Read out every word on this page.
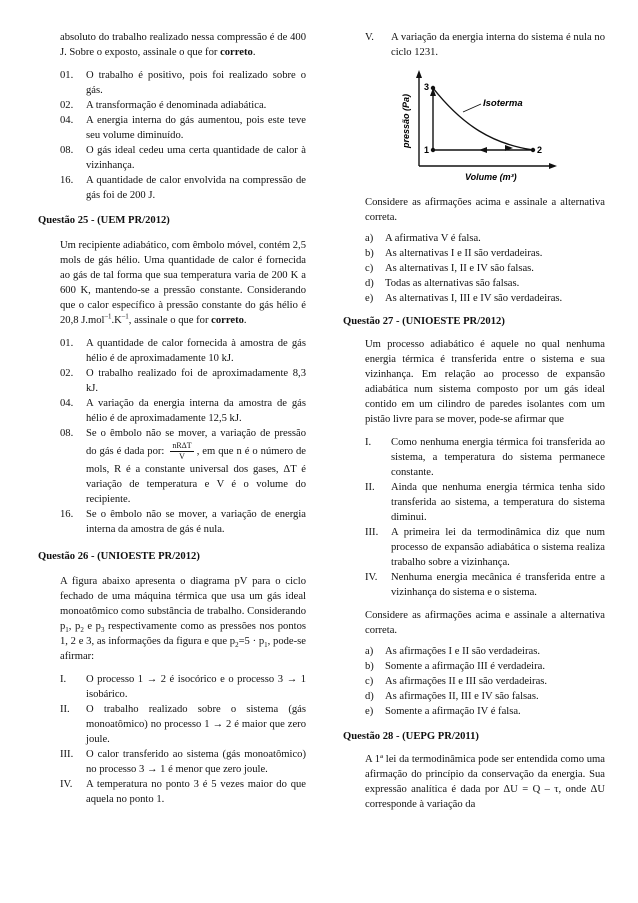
absoluto do trabalho realizado nessa compressão é de 400 J. Sobre o exposto, assinale o que for correto.

01. O trabalho é positivo, pois foi realizado sobre o gás.
02. A transformação é denominada adiabática.
04. A energia interna do gás aumentou, pois este teve seu volume diminuído.
08. O gás ideal cedeu uma certa quantidade de calor à vizinhança.
16. A quantidade de calor envolvida na compressão de gás foi de 200 J.

Questão 25 - (UEM PR/2012)

Um recipiente adiabático, com êmbolo móvel, contém 2,5 mols de gás hélio. Uma quantidade de calor é fornecida ao gás de tal forma que sua temperatura varia de 200 K a 600 K, mantendo-se a pressão constante. Considerando que o calor específico à pressão constante do gás hélio é 20,8 $J.mol^{-1}.K^{-1}$, assinale o que for correto.

01. A quantidade de calor fornecida à amostra de gás hélio é de aproximadamente 10 kJ.
02. O trabalho realizado foi de aproximadamente 8,3 kJ.
04. A variação da energia interna da amostra de gás hélio é de aproximadamente 12,5 kJ.
08. Se o êmbolo não se mover, a variação de pressão do gás é dada por: $\frac{\text{nRΔT}}{V}$ , em que n é o número de mols, R é a constante universal dos gases, ΔT é variação de temperatura e V é o volume do recipiente.
16. Se o êmbolo não se mover, a variação de energia interna da amostra de gás é nula.

Questão 26 - (UNIOESTE PR/2012)

A figura abaixo apresenta o diagrama pV para o ciclo fechado de uma máquina térmica que usa um gás ideal monoatômico como substância de trabalho. Considerando $p_1$, $p_2$ e $p_3$ respectivamente como as pressões nos pontos 1, 2 e 3, as informações da figura e que $p_2=5 \cdot p_1$, pode-se afirmar:

I. O processo 1 → 2 é isocórico e o processo 3 → 1 isobárico.
II. O trabalho realizado sobre o sistema (gás monoatômico) no processo 1 → 2 é maior que zero joule.
III. O calor transferido ao sistema (gás monoatômico) no processo 3 → 1 é menor que zero joule.
IV. A temperatura no ponto 3 é 5 vezes maior do que aquela no ponto 1.
V. A variação da energia interna do sistema é nula no ciclo 1231.
3
1	2
Isoterma
pressão (Pa)
Volume (m³)

Considere as afirmações acima e assinale a alternativa correta.

a) A afirmativa V é falsa.
b) As alternativas I e II são verdadeiras.
c) As alternativas I, II e IV são falsas.
d) Todas as alternativas são falsas.
e) As alternativas I, III e IV são verdadeiras.

Questão 27 - (UNIOESTE PR/2012)

Um processo adiabático é aquele no qual nenhuma energia térmica é transferida entre o sistema e sua vizinhança. Em relação ao processo de expansão adiabática num sistema composto por um gás ideal contido em um cilindro de paredes isolantes com um pistão livre para se mover, pode-se afirmar que

I. Como nenhuma energia térmica foi transferida ao sistema, a temperatura do sistema permanece constante.
II. Ainda que nenhuma energia térmica tenha sido transferida ao sistema, a temperatura do sistema diminui.
III. A primeira lei da termodinâmica diz que num processo de expansão adiabática o sistema realiza trabalho sobre a vizinhança.
IV. Nenhuma energia mecânica é transferida entre a vizinhança do sistema e o sistema.

Considere as afirmações acima e assinale a alternativa correta.

a) As afirmações I e II são verdadeiras.
b) Somente a afirmação III é verdadeira.
c) As afirmações II e III são verdadeiras.
d) As afirmações II, III e IV são falsas.
e) Somente a afirmação IV é falsa.

Questão 28 - (UEPG PR/2011)

A 1ª lei da termodinâmica pode ser entendida como uma afirmação do princípio da conservação da energia. Sua expressão analítica é dada por ΔU = Q – τ, onde ΔU corresponde à variação da
